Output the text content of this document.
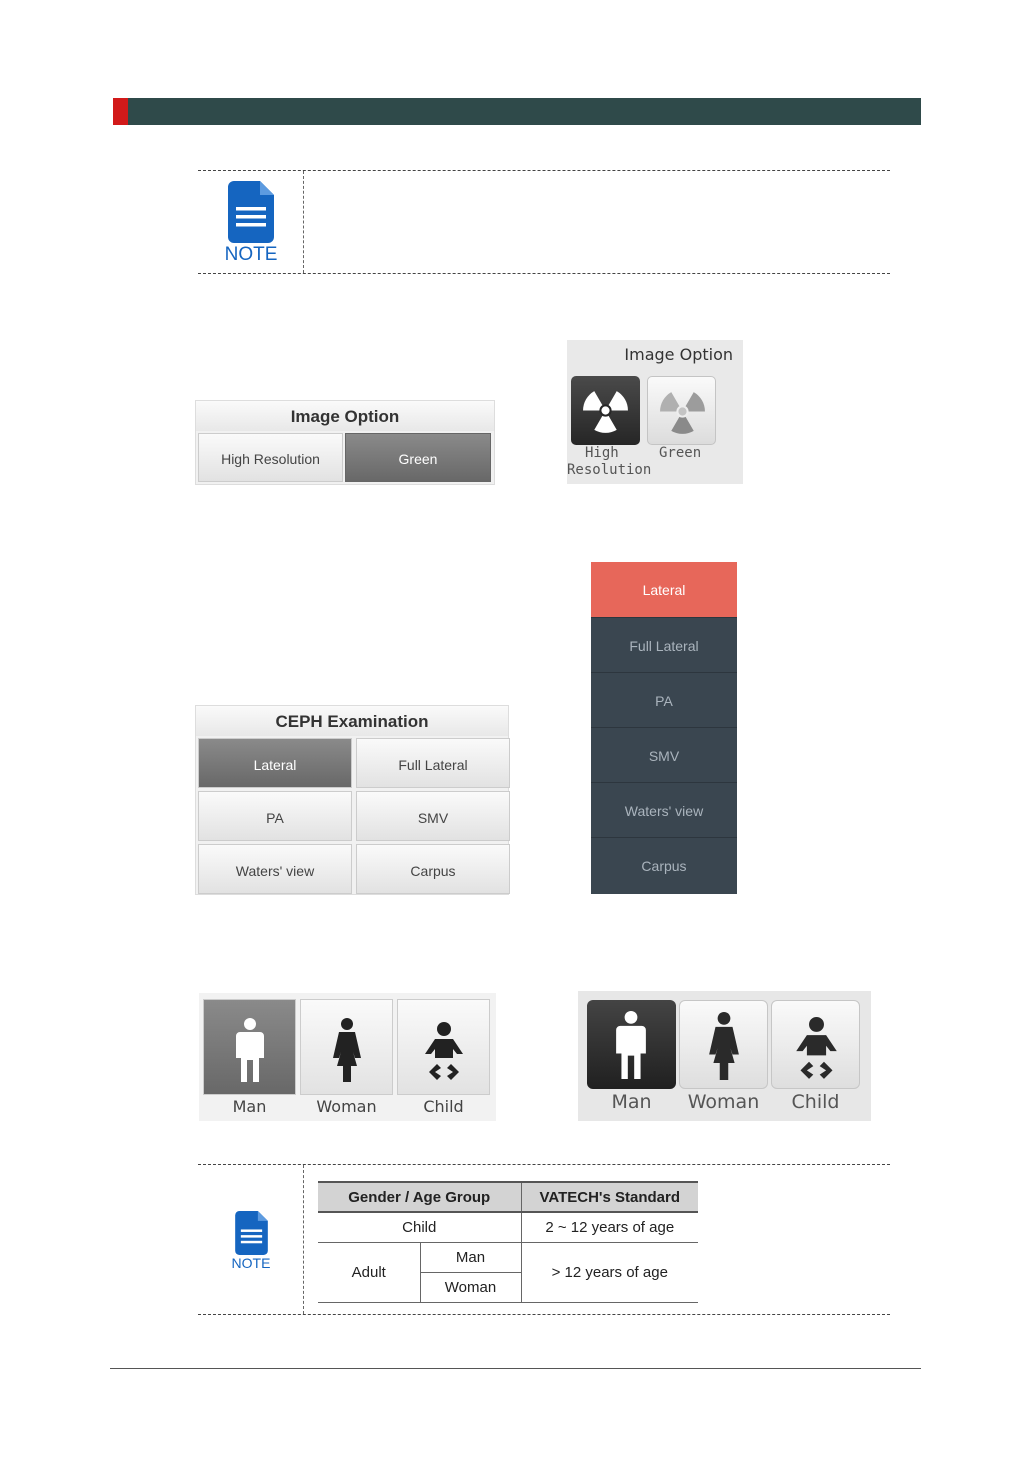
NOTE
Image Option
High Resolution	Green
Image Option
High
Resolution
Green
CEPH Examination
Lateral	Full Lateral
PA	SMV
Waters' view	Carpus
Lateral
Full Lateral
PA
SMV
Waters' view
Carpus
Man	Woman	Child	Man	Woman	Child
NOTE
Gender / Age Group		VATECH's Standard
Child		2 ~ 12 years of age
Adult	Man	> 12 years of age
	Woman	
